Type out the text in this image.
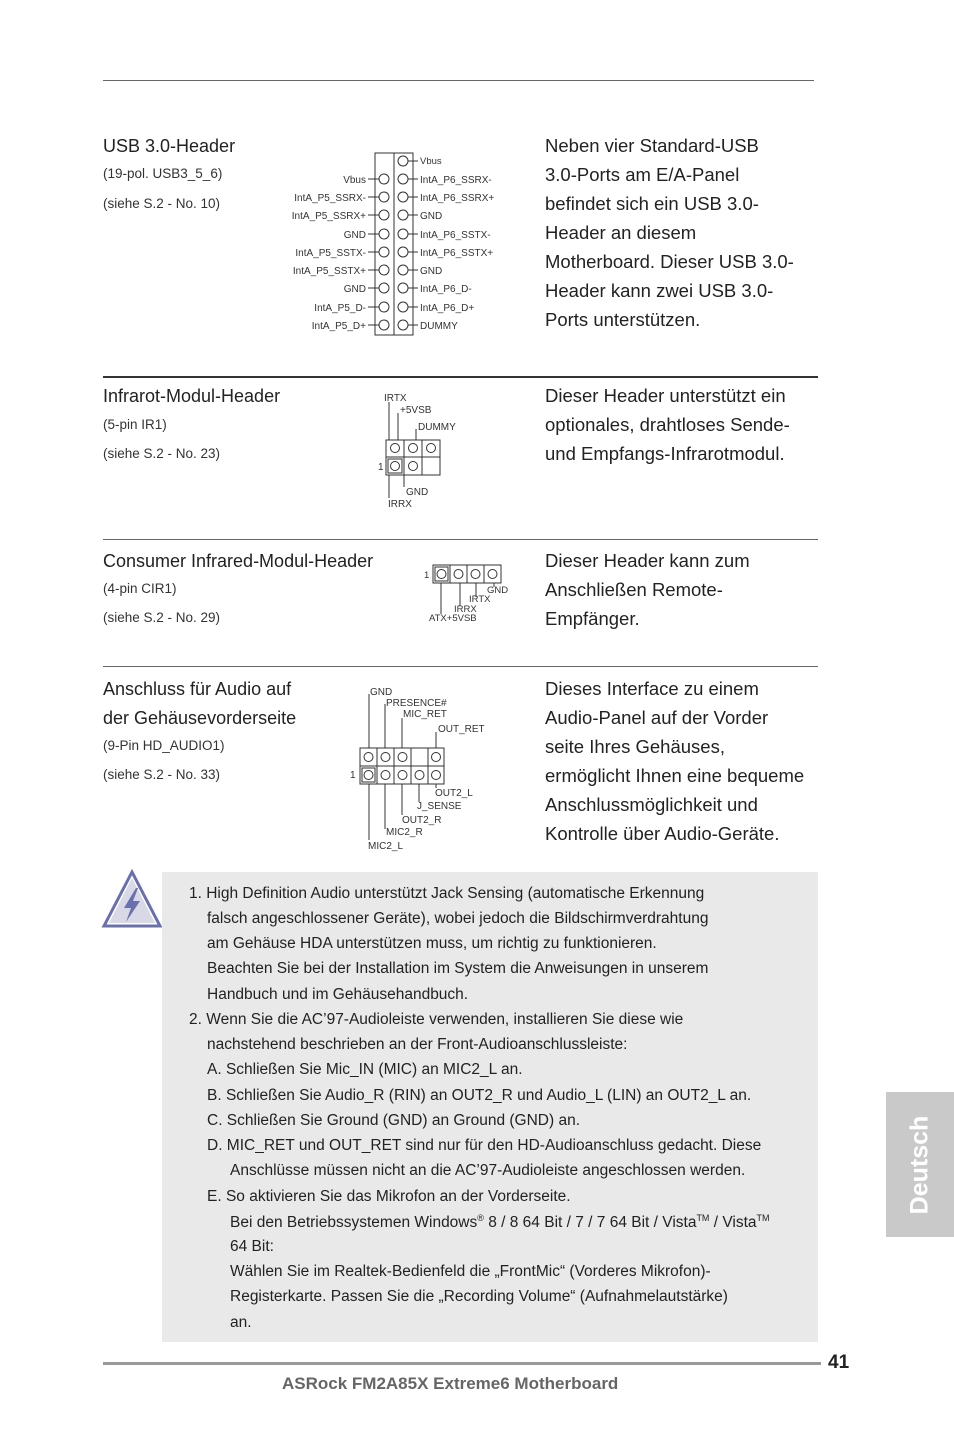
USB 3.0-Header
(19-pol. USB3_5_6)
(siehe S.2 - No. 10)
Vbus
IntA_P5_SSRX-
IntA_P5_SSRX+
GND
IntA_P5_SSTX-
IntA_P5_SSTX+
GND
IntA_P5_D-
IntA_P5_D+
Vbus
IntA_P6_SSRX-
IntA_P6_SSRX+
GND
IntA_P6_SSTX-
IntA_P6_SSTX+
GND
IntA_P6_D-
IntA_P6_D+
DUMMY
Neben vier Standard-USB
3.0-Ports am E/A-Panel
befindet sich ein USB 3.0-
Header an diesem
Motherboard. Dieser USB 3.0-
Header kann zwei USB 3.0-
Ports unterstützen.
Infrarot-Modul-Header
(5-pin IR1)
(siehe S.2 - No. 23)
IRTX
+5VSB
DUMMY
1
GND
IRRX
Dieser Header unterstützt ein
optionales, drahtloses Sende-
und Empfangs-Infrarotmodul.
Consumer Infrared-Modul-Header
(4-pin CIR1)
(siehe S.2 - No. 29)
1
GND
IRTX
IRRX
ATX+5VSB
Dieser Header kann zum
Anschließen Remote-
Empfänger.
Anschluss für Audio auf
der Gehäusevorderseite
(9-Pin HD_AUDIO1)
(siehe S.2 - No. 33)
GND
PRESENCE#
MIC_RET
OUT_RET
1
OUT2_L
J_SENSE
OUT2_R
MIC2_R
MIC2_L
Dieses Interface zu einem
Audio-Panel auf der Vorder
seite Ihres Gehäuses,
ermöglicht Ihnen eine bequeme
Anschlussmöglichkeit und
Kontrolle über Audio-Geräte.
1. High Definition Audio unterstützt Jack Sensing (automatische Erkennung
falsch angeschlossener Geräte), wobei jedoch die Bildschirmverdrahtung
am Gehäuse HDA unterstützen muss, um richtig zu funktionieren.
Beachten Sie bei der Installation im System die Anweisungen in unserem
Handbuch und im Gehäusehandbuch.
2. Wenn Sie die AC’97-Audioleiste verwenden, installieren Sie diese wie
nachstehend beschrieben an der Front-Audioanschlussleiste:
A. Schließen Sie Mic_IN (MIC) an MIC2_L an.
B. Schließen Sie Audio_R (RIN) an OUT2_R und Audio_L (LIN) an OUT2_L an.
C. Schließen Sie Ground (GND) an Ground (GND) an.
D. MIC_RET und OUT_RET sind nur für den HD-Audioanschluss gedacht. Diese
Anschlüsse müssen nicht an die AC’97-Audioleiste angeschlossen werden.
E. So aktivieren Sie das Mikrofon an der Vorderseite.
Bei den Betriebssystemen Windows® 8 / 8 64 Bit / 7 / 7 64 Bit / Vista™ / Vista™
64 Bit:
Wählen Sie im Realtek-Bedienfeld die „FrontMic“ (Vorderes Mikrofon)-
Registerkarte. Passen Sie die „Recording Volume“ (Aufnahmelautstärke)
an.
Deutsch
41
ASRock FM2A85X Extreme6 Motherboard
